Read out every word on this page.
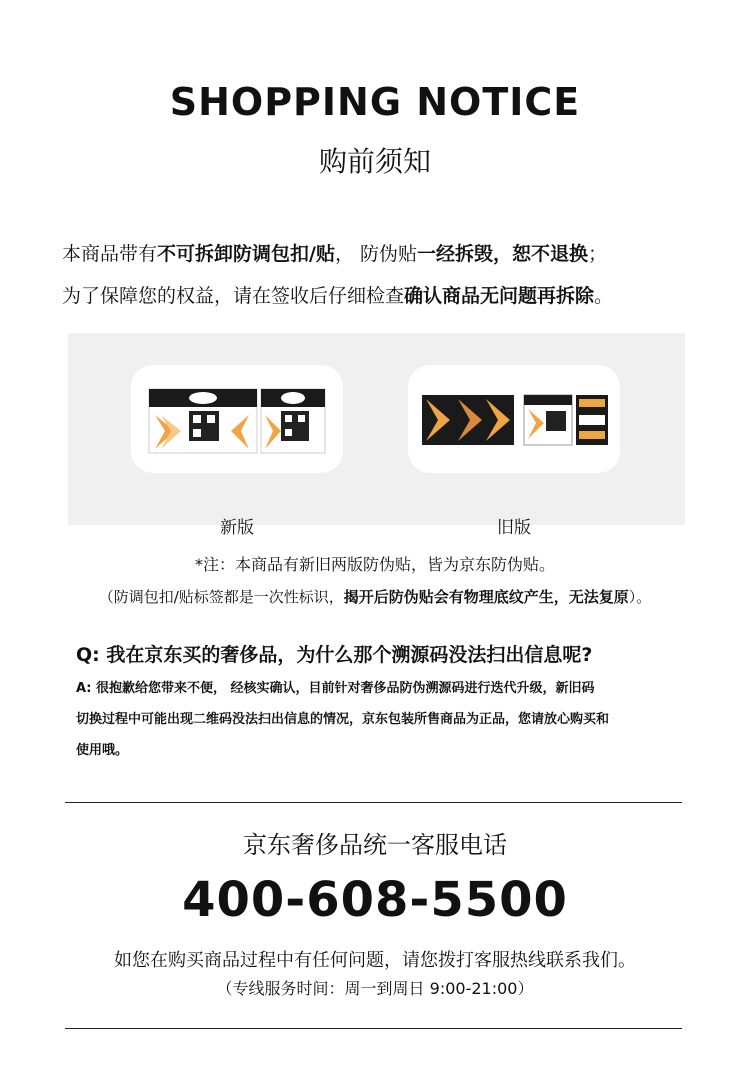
SHOPPING NOTICE
购前须知
本商品带有不可拆卸防调包扣/贴， 防伪贴一经拆毁，恕不退换；
为了保障您的权益，请在签收后仔细检查确认商品无问题再拆除。
新版	旧版
*注：本商品有新旧两版防伪贴，皆为京东防伪贴。
（防调包扣/贴标签都是一次性标识，揭开后防伪贴会有物理底纹产生，无法复原）。
Q: 我在京东买的奢侈品，为什么那个溯源码没法扫出信息呢?
A: 很抱歉给您带来不便， 经核实确认，目前针对奢侈品防伪溯源码进行迭代升级，新旧码
切换过程中可能出现二维码没法扫出信息的情况，京东包装所售商品为正品，您请放心购买和
使用哦。
京东奢侈品统一客服电话
400-608-5500
如您在购买商品过程中有任何问题，请您拨打客服热线联系我们。
（专线服务时间：周一到周日 9:00-21:00）
